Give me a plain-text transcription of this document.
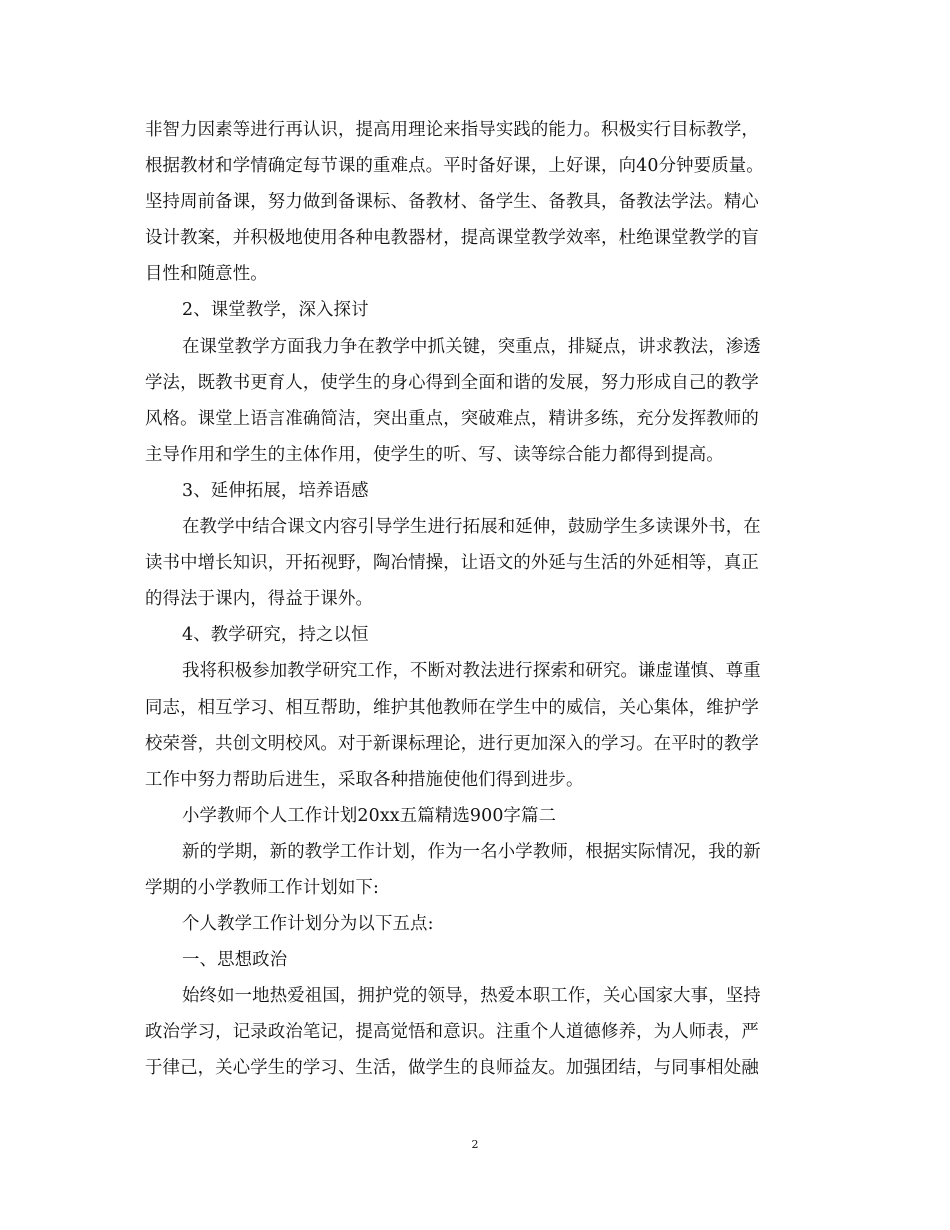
非智力因素等进行再认识，提高用理论来指导实践的能力。积极实行目标教学，
根据教材和学情确定每节课的重难点。平时备好课，上好课，向40分钟要质量。
坚持周前备课，努力做到备课标、备教材、备学生、备教具，备教法学法。精心
设计教案，并积极地使用各种电教器材，提高课堂教学效率，杜绝课堂教学的盲
目性和随意性。
2、课堂教学，深入探讨
在课堂教学方面我力争在教学中抓关键，突重点，排疑点，讲求教法，渗透
学法，既教书更育人，使学生的身心得到全面和谐的发展，努力形成自己的教学
风格。课堂上语言准确简洁，突出重点，突破难点，精讲多练，充分发挥教师的
主导作用和学生的主体作用，使学生的听、写、读等综合能力都得到提高。
3、延伸拓展，培养语感
在教学中结合课文内容引导学生进行拓展和延伸，鼓励学生多读课外书，在
读书中增长知识，开拓视野，陶冶情操，让语文的外延与生活的外延相等，真正
的得法于课内，得益于课外。
4、教学研究，持之以恒
我将积极参加教学研究工作，不断对教法进行探索和研究。谦虚谨慎、尊重
同志，相互学习、相互帮助，维护其他教师在学生中的威信，关心集体，维护学
校荣誉，共创文明校风。对于新课标理论，进行更加深入的学习。在平时的教学
工作中努力帮助后进生，采取各种措施使他们得到进步。
小学教师个人工作计划20xx五篇精选900字篇二
新的学期，新的教学工作计划，作为一名小学教师，根据实际情况，我的新
学期的小学教师工作计划如下:
个人教学工作计划分为以下五点:
一、思想政治
始终如一地热爱祖国，拥护党的领导，热爱本职工作，关心国家大事，坚持
政治学习，记录政治笔记，提高觉悟和意识。注重个人道德修养，为人师表，严
于律己，关心学生的学习、生活，做学生的良师益友。加强团结，与同事相处融
2
